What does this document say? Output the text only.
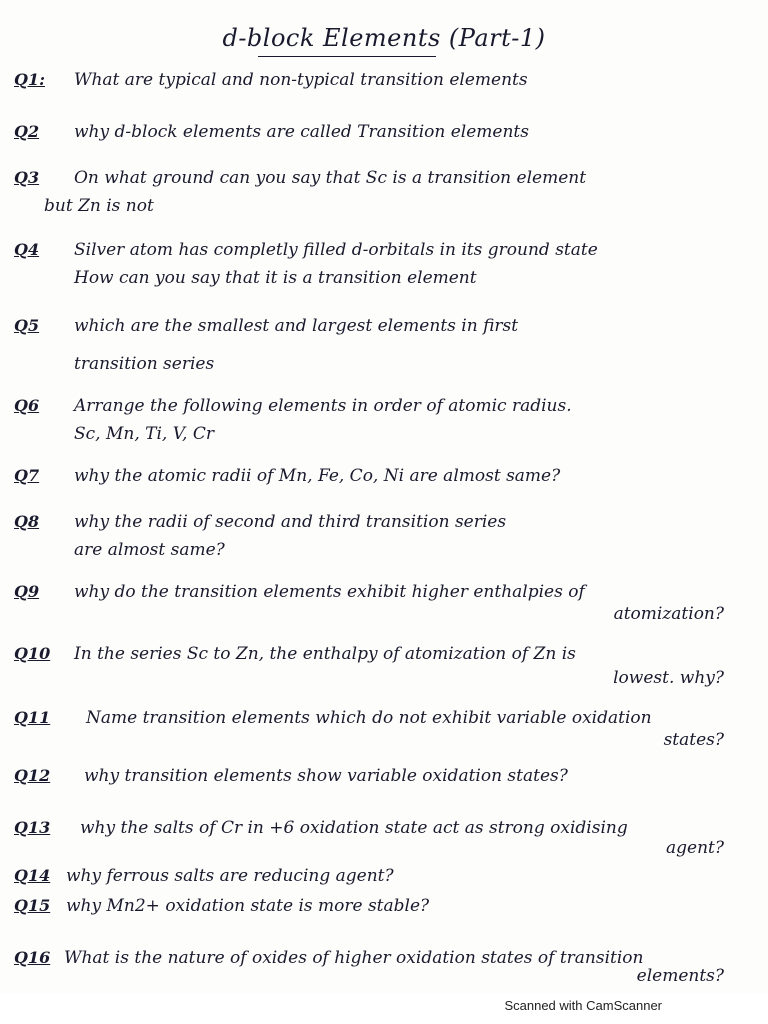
d-block Elements (Part-1)
Q1:	What are typical and non-typical transition elements
Q2	why d-block elements are called Transition elements
Q3	On what ground can you say that Sc is a transition element
but Zn is not
Q4	Silver atom has completly filled d-orbitals in its ground state
How can you say that it is a transition element
Q5	which are the smallest and largest elements in first
transition series
Q6	Arrange the following elements in order of atomic radius.
Sc, Mn, Ti, V, Cr
Q7	why the atomic radii of Mn, Fe, Co, Ni are almost same?
Q8	why the radii of second and third transition series
are almost same?
Q9	why do the transition elements exhibit higher enthalpies of
atomization?
Q10	In the series Sc to Zn, the enthalpy of atomization of Zn is
lowest. why?
Q11	Name transition elements which do not exhibit variable oxidation
states?
Q12	why transition elements show variable oxidation states?
Q13	why the salts of Cr in +6 oxidation state act as strong oxidising
agent?
Q14 why ferrous salts are reducing agent?
Q15 why Mn2+ oxidation state is more stable?
Q16 What is the nature of oxides of higher oxidation states of transition
elements?
Scanned with CamScanner
